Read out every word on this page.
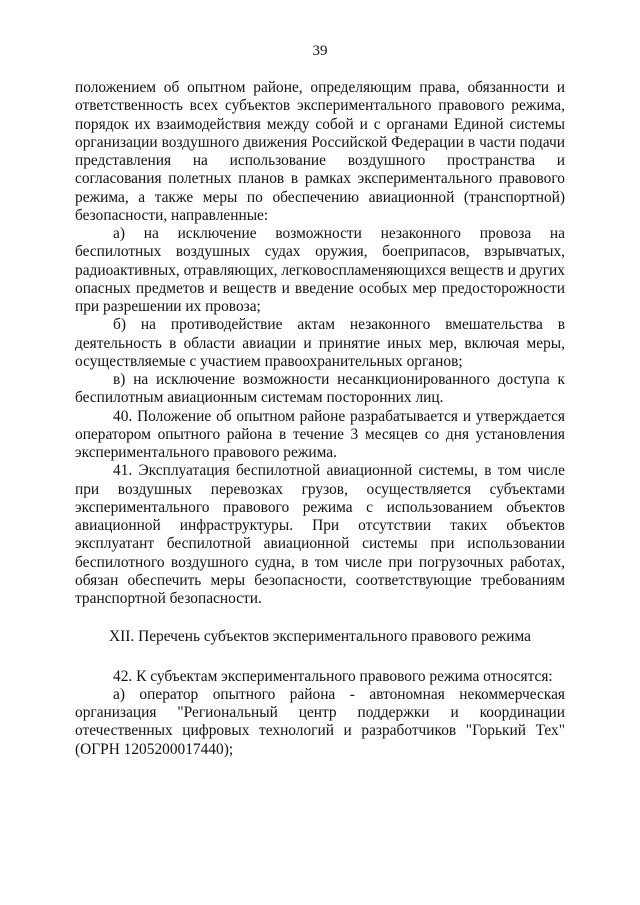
39

положением об опытном районе, определяющим права, обязанности и ответственность всех субъектов экспериментального правового режима, порядок их взаимодействия между собой и с органами Единой системы организации воздушного движения Российской Федерации в части подачи представления на использование воздушного пространства и согласования полетных планов в рамках экспериментального правового режима, а также меры по обеспечению авиационной (транспортной) безопасности, направленные:

а) на исключение возможности незаконного провоза на беспилотных воздушных судах оружия, боеприпасов, взрывчатых, радиоактивных, отравляющих, легковоспламеняющихся веществ и других опасных предметов и веществ и введение особых мер предосторожности при разрешении их провоза;

б) на противодействие актам незаконного вмешательства в деятельность в области авиации и принятие иных мер, включая меры, осуществляемые с участием правоохранительных органов;

в) на исключение возможности несанкционированного доступа к беспилотным авиационным системам посторонних лиц.

40. Положение об опытном районе разрабатывается и утверждается оператором опытного района в течение 3 месяцев со дня установления экспериментального правового режима.

41. Эксплуатация беспилотной авиационной системы, в том числе при воздушных перевозках грузов, осуществляется субъектами экспериментального правового режима с использованием объектов авиационной инфраструктуры. При отсутствии таких объектов эксплуатант беспилотной авиационной системы при использовании беспилотного воздушного судна, в том числе при погрузочных работах, обязан обеспечить меры безопасности, соответствующие требованиям транспортной безопасности.

XII. Перечень субъектов экспериментального правового режима

42. К субъектам экспериментального правового режима относятся:

а) оператор опытного района - автономная некоммерческая организация "Региональный центр поддержки и координации отечественных цифровых технологий и разработчиков "Горький Тех" (ОГРН 1205200017440);
